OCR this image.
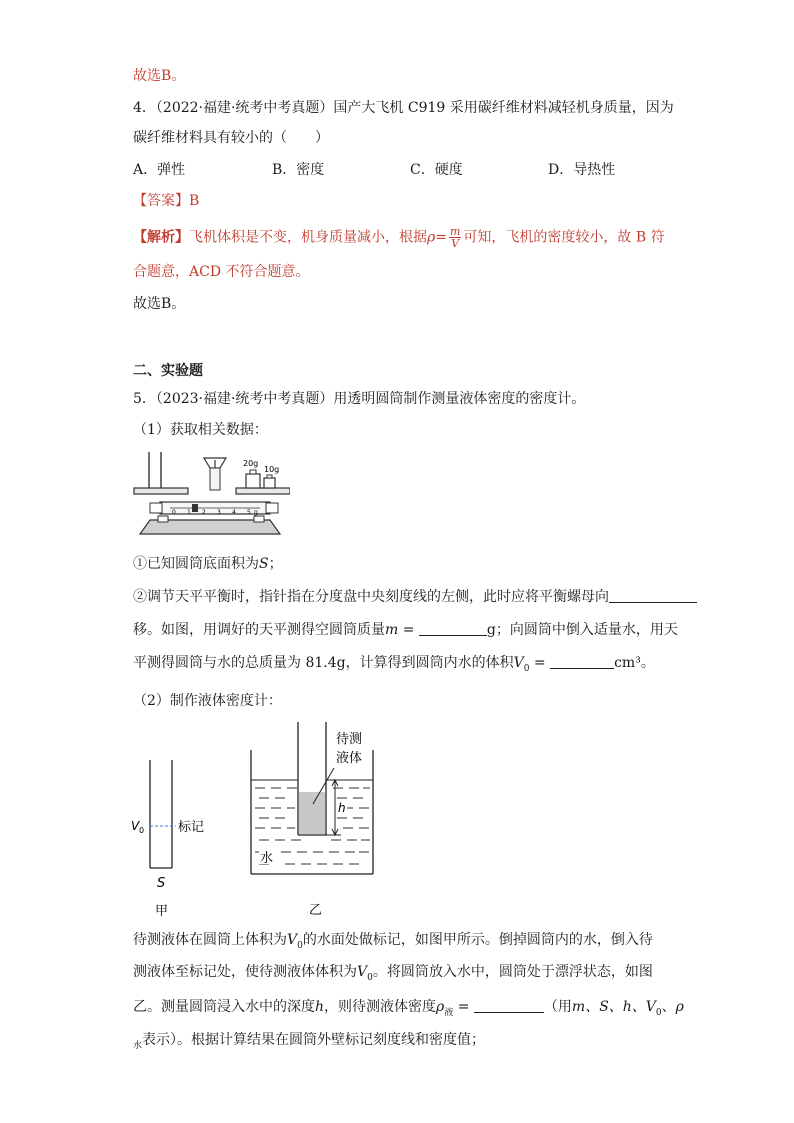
故选B。
4．（2022·福建·统考中考真题）国产大飞机 C919 采用碳纤维材料减轻机身质量，因为
碳纤维材料具有较小的（　　）
A．弹性	B．密度	C．硬度	D．导热性
【答案】B
【解析】飞机体积是不变，机身质量减小，根据$\rho= \frac{m}{V}$ 可知，飞机的密度较小，故 B 符
合题意，ACD 不符合题意。
故选B。
二、实验题
5．（2023·福建·统考中考真题）用透明圆筒制作测量液体密度的密度计。
（1）获取相关数据：
20g
10g
0 1 2 3 4 5 g
①已知圆筒底面积为S；
②调节天平平衡时，指针指在分度盘中央刻度线的左侧，此时应将平衡螺母向
移。如图，用调好的天平测得空圆筒质量m =	g；向圆筒中倒入适量水，用天
平测得圆筒与水的总质量为 81.4g，计算得到圆筒内水的体积$V_0$ =	cm³。
（2）制作液体密度计：
V 0	标记
S
甲
待测
液体
h
水
乙
待测液体在圆筒上体积为$V_0$的水面处做标记，如图甲所示。倒掉圆筒内的水，倒入待
测液体至标记处，使待测液体体积为$V_0$。将圆筒放入水中，圆筒处于漂浮状态，如图
乙。测量圆筒浸入水中的深度h，则待测液体密度$\rho_液$ =	（用m、S、h、$V_0$、ρ
$_水$表示）。根据计算结果在圆筒外壁标记刻度线和密度值；
